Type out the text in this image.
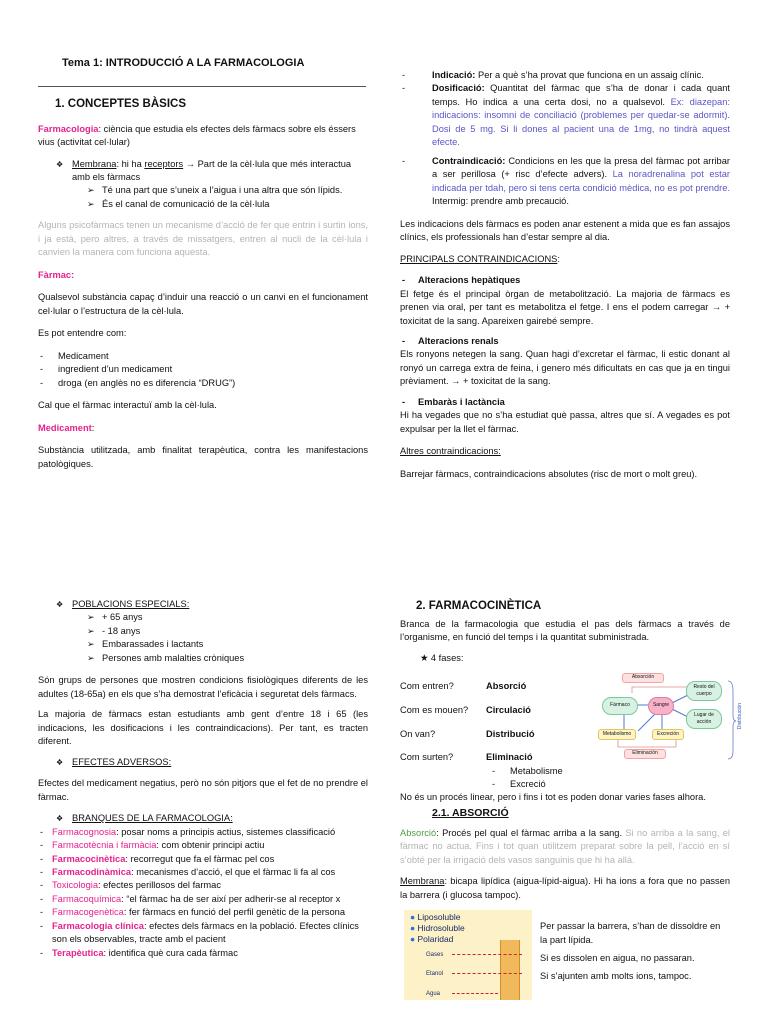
Tema 1: INTRODUCCIÓ A LA FARMACOLOGIA

1. CONCEPTES BÀSICS

Farmacologia: ciència que estudia els efectes dels fàrmacs sobre els éssers vius (activitat cel·lular)

❖ Membrana: hi ha receptors → Part de la cèl·lula que més interactua amb els fàrmacs

➢ Té una part que s’uneix a l’aigua i una altra que són lípids.

➢ És el canal de comunicació de la cèl·lula

Alguns psicofàrmacs tenen un mecanisme d’acció de fer que entrin i surtin ions, i ja està, pero altres, a través de missatgers, entren al nucli de la cèl·lula i canvien la manera com funciona aquesta.

Fàrmac:

Qualsevol substància capaç d’induir una reacció o un canvi en el funcionament cel·lular o l’estructura de la cèl·lula.

Es pot entendre com:

- Medicament

- ingredient d’un medicament

- droga (en anglès no es diferencia “DRUG”)

Cal que el fàrmac interactuï amb la cèl·lula.

Medicament:

Substància utilitzada, amb finalitat terapèutica, contra les manifestacions patològiques.

- Indicació: Per a què s’ha provat que funciona en un assaig clínic.

- Dosificació: Quantitat del fàrmac que s’ha de donar i cada quant temps. Ho indica a una certa dosi, no a qualsevol. Ex: diazepan: indicacions: insomni de conciliació (problemes per quedar-se adormit). Dosi de 5 mg. Si li dones al pacient una de 1mg, no tindrà aquest efecte.

- Contraindicació: Condicions en les que la presa del fàrmac pot arribar a ser perillosa (+ risc d’efecte advers). La noradrenalina pot estar indicada per tdah, pero si tens certa condició mèdica, no es pot prendre. Intermig: prendre amb precaució.

Les indicacions dels fàrmacs es poden anar estenent a mida que es fan assajos clínics, els professionals han d’estar sempre al dia.

PRINCIPALS CONTRAINDICACIONS:

- Alteracions hepàtiques

El fetge és el principal òrgan de metabolització. La majoria de fàrmacs es prenen via oral, per tant es metabolitza el fetge. I ens el podem carregar → + toxicitat de la sang. Apareixen gairebé sempre.

- Alteracions renals

Els ronyons netegen la sang. Quan hagi d’excretar el fàrmac, li estic donant al ronyó un carrega extra de feina, i genero més dificultats en cas que ja en tingui prèviament. → + toxicitat de la sang.

- Embaràs i lactància

Hi ha vegades que no s’ha estudiat què passa, altres que sí. A vegades es pot expulsar per la llet el fàrmac.

Altres contraindicacions:

Barrejar fàrmacs, contraindicacions absolutes (risc de mort o molt greu).

❖ POBLACIONS ESPECIALS:

➢ + 65 anys

➢ - 18 anys

➢ Embarassades i lactants

➢ Persones amb malalties cròniques

Són grups de persones que mostren condicions fisiològiques diferents de les adultes (18-65a) en els que s’ha demostrat l’eficàcia i seguretat dels fàrmacs.

La majoria de fàrmacs estan estudiants amb gent d’entre 18 i 65 (les indicacions, les dosificacions i les contraindicacions). Per tant, es tracten diferent.

❖ EFECTES ADVERSOS:

Efectes del medicament negatius, però no són pitjors que el fet de no prendre el fàrmac.

❖ BRANQUES DE LA FARMACOLOGIA:

- Farmacognosia: posar noms a principis actius, sistemes classificació

- Farmacotècnia i farmàcia: com obtenir principi actiu

- Farmacocinètica: recorregut que fa el fàrmac pel cos

- Farmacodinàmica: mecanismes d’acció, el que el fàrmac li fa al cos

- Toxicologia: efectes perillosos del farmac

- Farmacoquímica: “el fàrmac ha de ser així per adherir-se al receptor x

- Farmacogenètica: fer fàrmacs en funció del perfil genètic de la persona

- Farmacologia clínica: efectes dels fàrmacs en la població. Efectes clínics son els observables, tracte amb el pacient

- Terapèutica: identifica què cura cada fàrmac

2. FARMACOCINÈTICA

Branca de la farmacologia que estudia el pas dels fàrmacs a través de l’organisme, en funció del temps i la quantitat subministrada.

★ 4 fases:

Com entren?	Absorció
Com es mouen?	Circulació
On van?	Distribució
Com surten?	Eliminació

- Metabolisme

- Excreció

Absorción
Fármaco	Sangre
Resto del cuerpo
Lugar de acción
Metabolismo	Excreción
Eliminación
Distribución

No és un procés linear, pero i fins i tot es poden donar varies fases alhora.

2.1. ABSORCIÓ

Absorció: Procés pel qual el fàrmac arriba a la sang. Si no arriba a la sang, el fàrmac no actua. Fins i tot quan utilitzem preparat sobre la pell, l’acció en sí s’obté per la irrigació dels vasos sanguinis que hi ha allà.

Membrana: bicapa lipídica (aigua-lípid-aigua). Hi ha ions a fora que no passen la barrera (i glucosa tampoc).

● Liposoluble

● Hidrosoluble

● Polaridad

Gases
Etanol
Agua

Per passar la barrera, s’han de dissoldre en la part lípida.

Si es dissolen en aigua, no passaran.

Si s’ajunten amb molts ions, tampoc.
